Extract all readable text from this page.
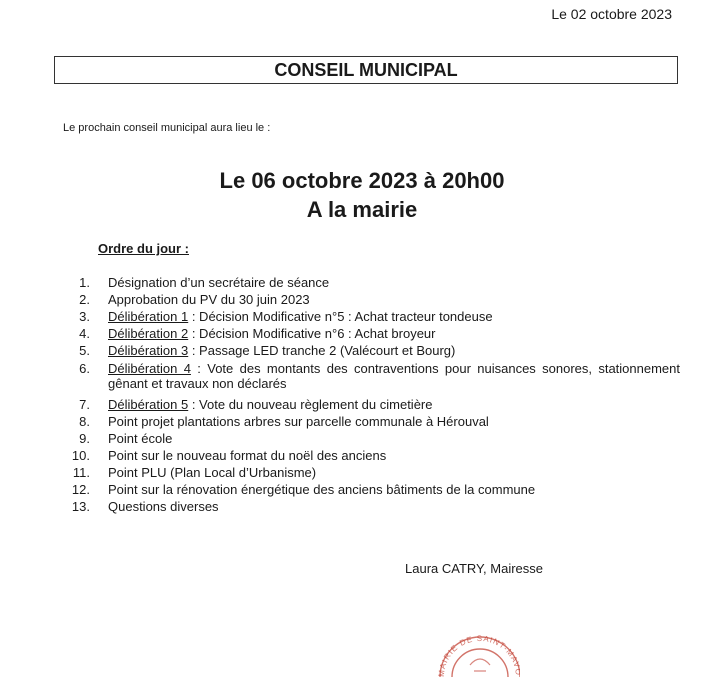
Le 02 octobre 2023
CONSEIL MUNICIPAL
Le prochain conseil municipal aura lieu le :
Le 06 octobre 2023 à 20h00
A la mairie
Ordre du jour :
1. Désignation d’un secrétaire de séance
2. Approbation du PV du 30 juin 2023
3. Délibération 1 : Décision Modificative n°5 : Achat tracteur tondeuse
4. Délibération 2 : Décision Modificative n°6 : Achat broyeur
5. Délibération 3 : Passage LED tranche 2 (Valécourt et Bourg)
6. Délibération 4 : Vote des montants des contraventions pour nuisances sonores, stationnement gênant et travaux non déclarés
7. Délibération 5 : Vote du nouveau règlement du cimetière
8. Point projet plantations arbres sur parcelle communale à Hérouval
9. Point école
10. Point sur le nouveau format du noël des anciens
11. Point PLU (Plan Local d’Urbanisme)
12. Point sur la rénovation énergétique des anciens bâtiments de la commune
13. Questions diverses
Laura CATRY, Mairesse
MAIRIE DE SAINT-MA
